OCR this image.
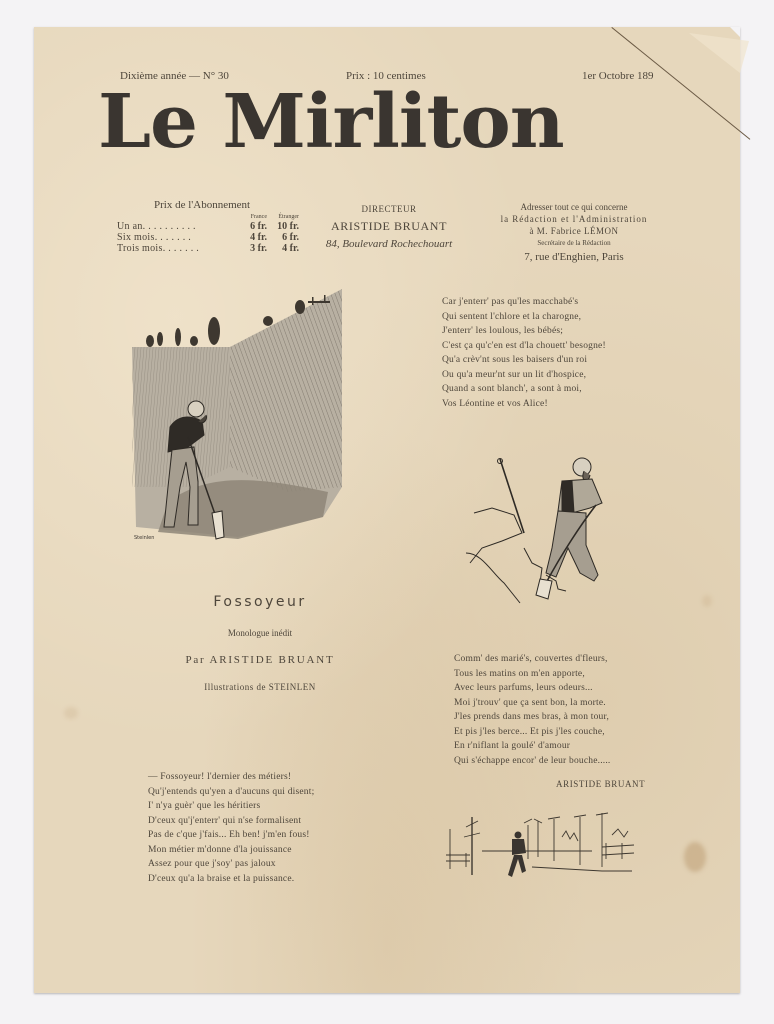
Dixième année — N° 30	Prix : 10 centimes	1er Octobre 189
Le Mirliton
Prix de l'Abonnement
	France	Étranger
Un an. . . . . . . . . .	6 fr.	10 fr.
Six mois. . . . . . .	4 fr.	6 fr.
Trois mois. . . . . . .	3 fr.	4 fr.
DIRECTEUR
ARISTIDE BRUANT
84, Boulevard Rochechouart
Adresser tout ce qui concerne
la Rédaction et l'Administration
à M. Fabrice LÉMON
Secrétaire de la Rédaction
7, rue d'Enghien, Paris
Steinlen
Car j'enterr' pas qu'les macchabé's
Qui sentent l'chlore et la charogne,
J'enterr' les loulous, les bébés;
C'est ça qu'c'en est d'la chouett' besogne!
Qu'a crèv'nt sous les baisers d'un roi
Ou qu'a meur'nt sur un lit d'hospice,
Quand a sont blanch', a sont à moi,
Vos Léontine et vos Alice!
Fossoyeur
Monologue inédit
Par ARISTIDE BRUANT
Illustrations de STEINLEN
Comm' des marié's, couvertes d'fleurs,
Tous les matins on m'en apporte,
Avec leurs parfums, leurs odeurs...
Moi j'trouv' que ça sent bon, la morte.
J'les prends dans mes bras, à mon tour,
Et pis j'les berce... Et pis j'les couche,
En r'niflant la goulé' d'amour
Qui s'échappe encor' de leur bouche.....
ARISTIDE BRUANT
— Fossoyeur! l'dernier des métiers!
Qu'j'entends qu'yen a d'aucuns qui disent;
I' n'ya guèr' que les héritiers
D'ceux qu'j'enterr' qui n'se formalisent
Pas de c'que j'fais... Eh ben! j'm'en fous!
Mon métier m'donne d'la jouissance
Assez pour que j'soy' pas jaloux
D'ceux qu'a la braise et la puissance.
